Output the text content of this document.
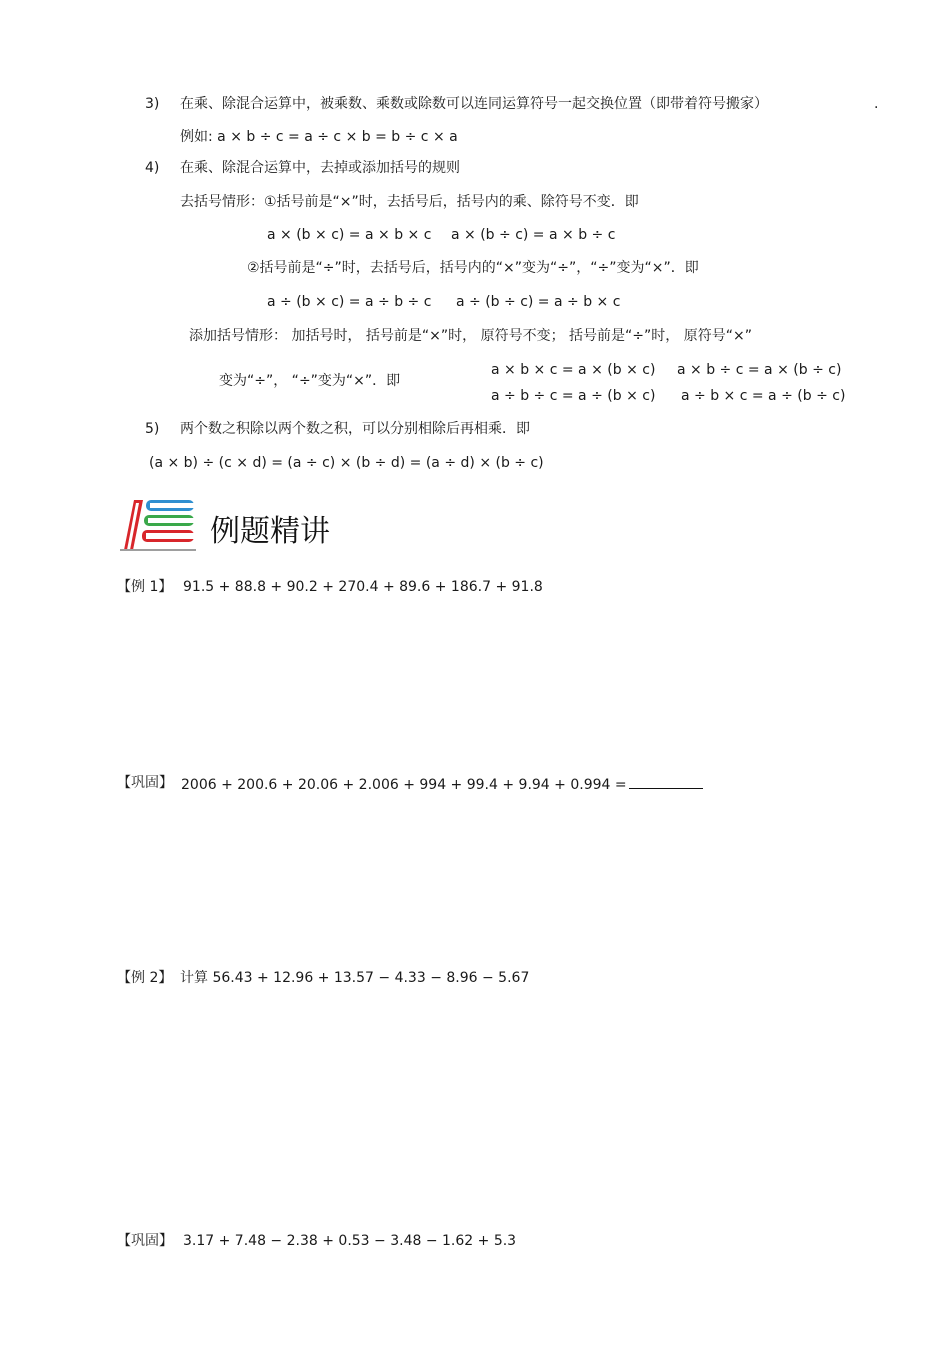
3) 在乘、除混合运算中，被乘数、乘数或除数可以连同运算符号一起交换位置（即带着符号搬家）	.
例如: a × b ÷ c = a ÷ c × b = b ÷ c × a
4) 在乘、除混合运算中，去掉或添加括号的规则
去括号情形：①括号前是“×”时，去括号后，括号内的乘、除符号不变．即
a × (b × c) = a × b × c a × (b ÷ c) = a × b ÷ c
②括号前是“÷”时，去括号后，括号内的“×”变为“÷”，“÷”变为“×”．即
a ÷ (b × c) = a ÷ b ÷ c a ÷ (b ÷ c) = a ÷ b × c
添加括号情形： 加括号时， 括号前是“×”时， 原符号不变； 括号前是“÷”时， 原符号“×”
变为“÷”， “÷”变为“×”．即
a × b × c = a × (b × c) a × b ÷ c = a × (b ÷ c)
a ÷ b ÷ c = a ÷ (b × c) a ÷ b × c = a ÷ (b ÷ c)
5) 两个数之积除以两个数之积，可以分别相除后再相乘．即
(a × b) ÷ (c × d) = (a ÷ c) × (b ÷ d) = (a ÷ d) × (b ÷ c)
例题精讲
【例 1】 91.5 + 88.8 + 90.2 + 270.4 + 89.6 + 186.7 + 91.8
【巩固】 2006 + 200.6 + 20.06 + 2.006 + 994 + 99.4 + 9.94 + 0.994 =
【例 2】 计算 56.43 + 12.96 + 13.57 − 4.33 − 8.96 − 5.67
【巩固】 3.17 + 7.48 − 2.38 + 0.53 − 3.48 − 1.62 + 5.3
